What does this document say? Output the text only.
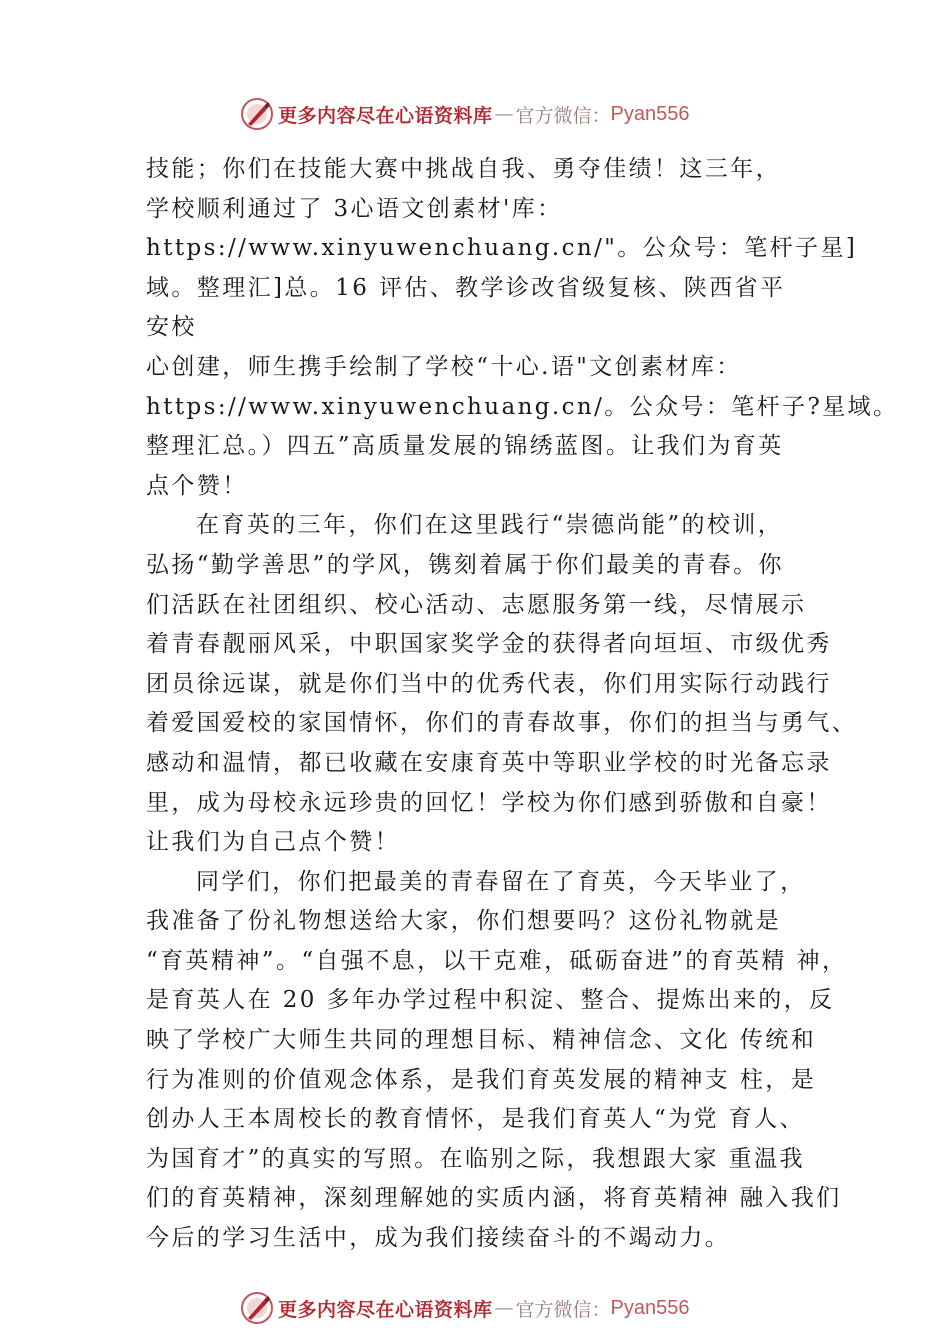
更多内容尽在心语资料库 — 官方微信： Pyan556
技能；你们在技能大赛中挑战自我、勇夺佳绩！这三年，
学校顺利通过了 3心语文创素材'库：
https://www.xinyuwenchuang.cn/"。公众号：笔杆子星]
域。整理汇]总。16 评估、教学诊改省级复核、陕西省平
安校
心创建，师生携手绘制了学校“十心.语"文创素材库：
https://www.xinyuwenchuang.cn/。公众号：笔杆子?星域。
整理汇总。）四五”高质量发展的锦绣蓝图。让我们为育英
点个赞！
在育英的三年，你们在这里践行“崇德尚能”的校训，
弘扬“勤学善思”的学风，镌刻着属于你们最美的青春。你
们活跃在社团组织、校心活动、志愿服务第一线，尽情展示
着青春靓丽风采，中职国家奖学金的获得者向垣垣、市级优秀
团员徐远谋，就是你们当中的优秀代表，你们用实际行动践行
着爱国爱校的家国情怀，你们的青春故事，你们的担当与勇气、
感动和温情，都已收藏在安康育英中等职业学校的时光备忘录
里，成为母校永远珍贵的回忆！学校为你们感到骄傲和自豪！
让我们为自己点个赞！
同学们，你们把最美的青春留在了育英，今天毕业了，
我准备了份礼物想送给大家，你们想要吗？这份礼物就是
“育英精神”。“自强不息，以干克难，砥砺奋进”的育英精 神，
是育英人在 20 多年办学过程中积淀、整合、提炼出来的，反
映了学校广大师生共同的理想目标、精神信念、文化 传统和
行为准则的价值观念体系，是我们育英发展的精神支 柱，是
创办人王本周校长的教育情怀，是我们育英人“为党 育人、
为国育才”的真实的写照。在临别之际，我想跟大家 重温我
们的育英精神，深刻理解她的实质内涵，将育英精神 融入我们
今后的学习生活中，成为我们接续奋斗的不竭动力。
更多内容尽在心语资料库 — 官方微信： Pyan556
